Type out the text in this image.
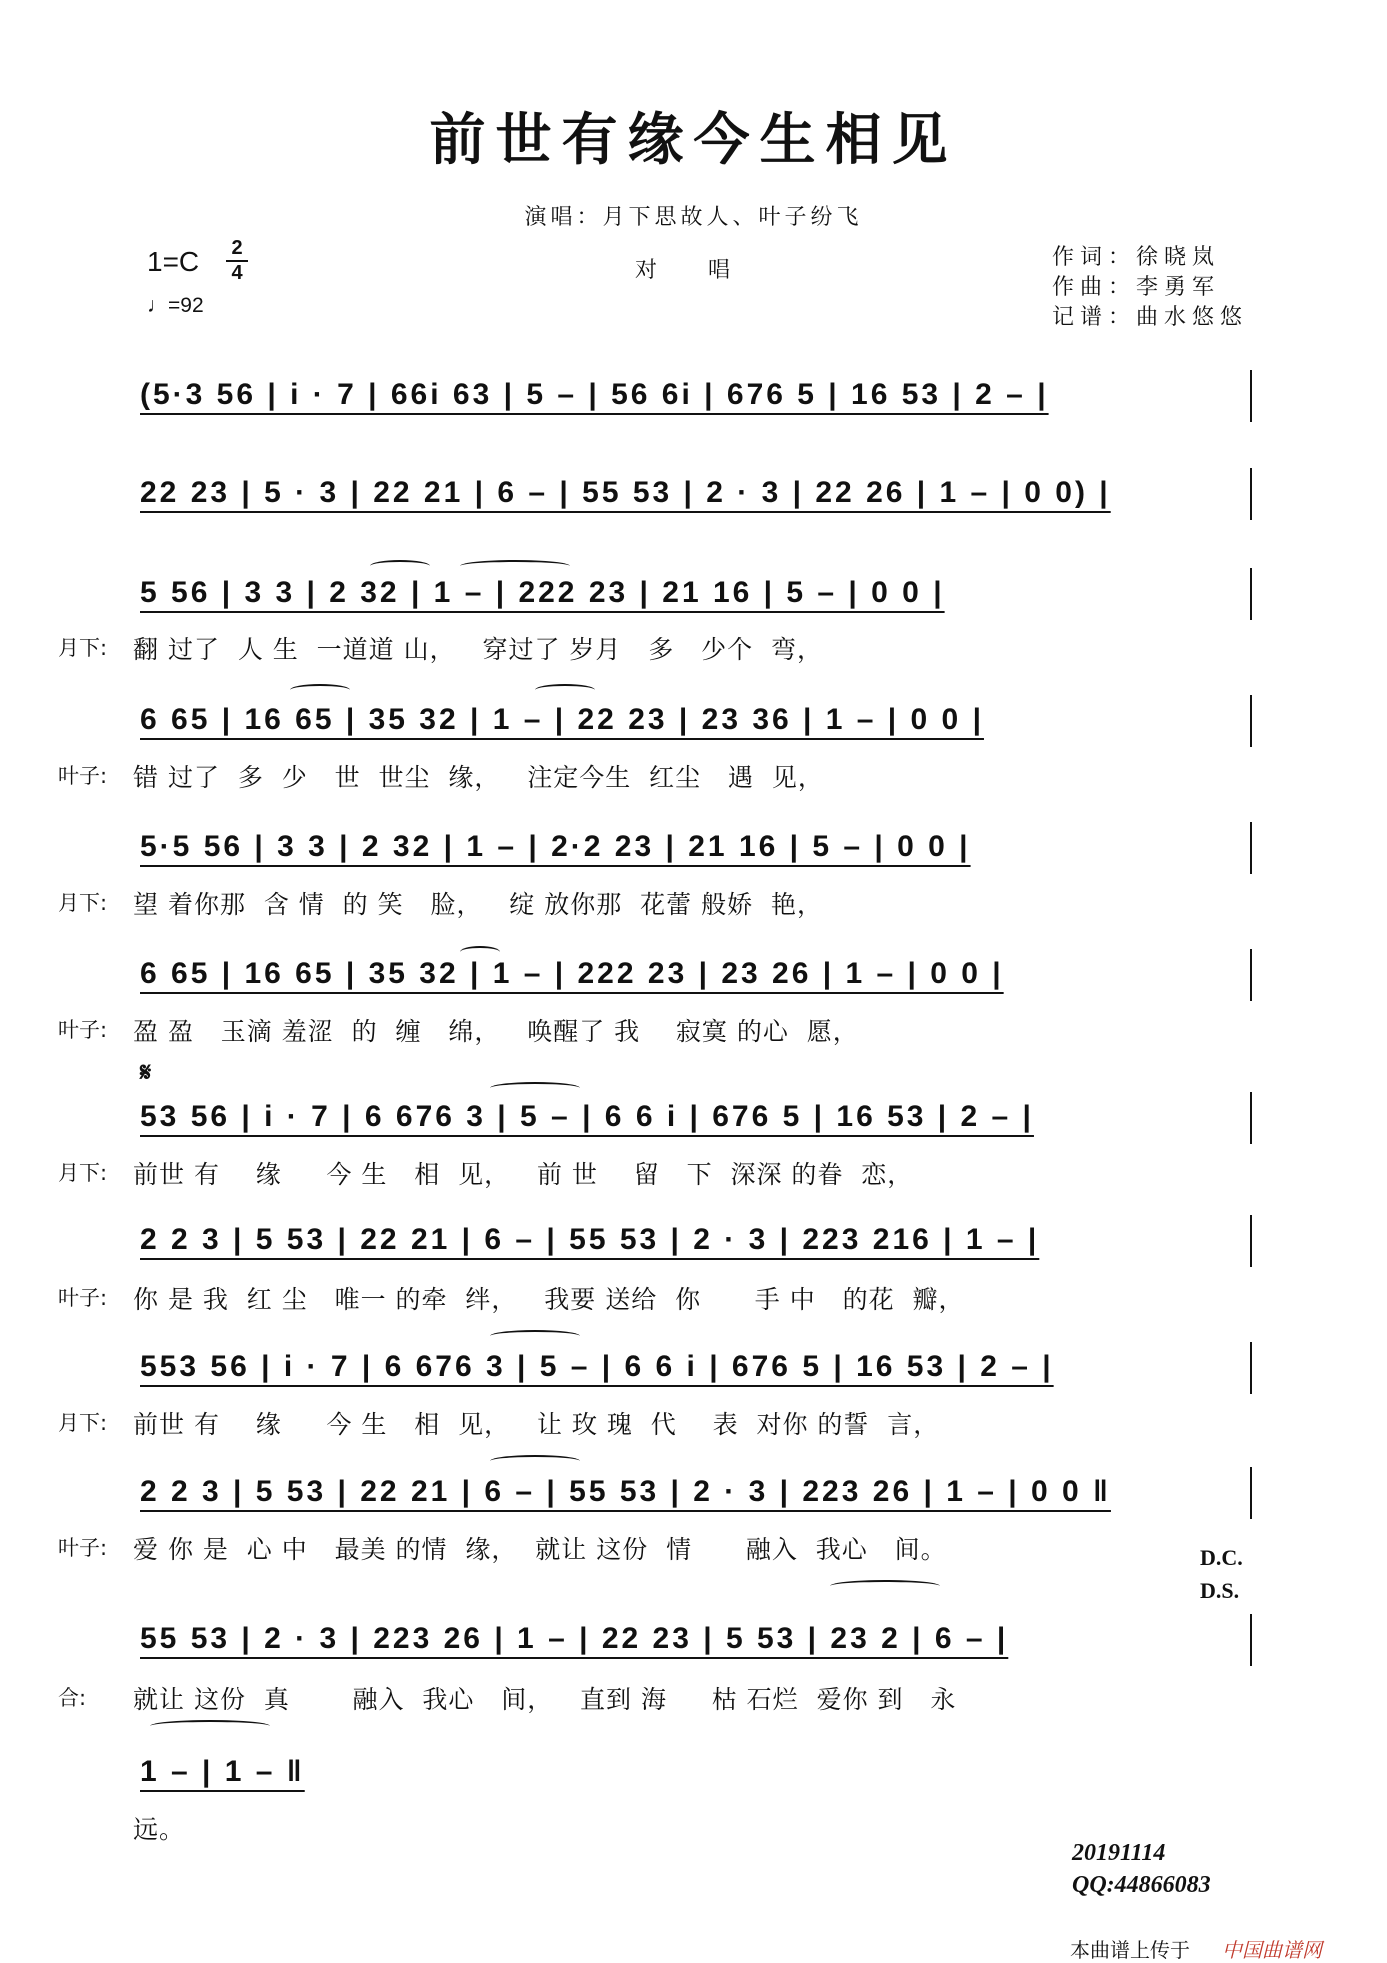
前世有缘今生相见
演唱：月下思故人、叶子纷飞
对 唱
1=C 2
4
♩=92
作词：徐晓岚
作曲：李勇军
记谱：曲水悠悠
(5·3 56 | i · 7 | 66i 63 | 5 – | 56 6i | 676 5 | 16 53 | 2 – |
22 23 | 5 · 3 | 22 21 | 6 – | 55 53 | 2 · 3 | 22 26 | 1 – | 0 0) |
5 56 | 3 3 | 2 32 | 1 – | 222 23 | 21 16 | 5 – | 0 0 |
月下: 翻 过了  人 生  一道道 山，   穿过了 岁月   多   少个  弯，
6 65 | 16 65 | 35 32 | 1 – | 22 23 | 23 36 | 1 – | 0 0 |
叶子: 错 过了  多  少   世  世尘  缘，   注定今生  红尘   遇  见，
5·5 56 | 3 3 | 2 32 | 1 – | 2·2 23 | 21 16 | 5 – | 0 0 |
月下: 望 着你那  含 情  的 笑   脸，   绽 放你那  花蕾 般娇  艳，
6 65 | 16 65 | 35 32 | 1 – | 222 23 | 23 26 | 1 – | 0 0 |
叶子: 盈 盈   玉滴 羞涩  的  缠   绵，   唤醒了 我    寂寞 的心  愿，
53 56 | i · 7 | 6 676 3 | 5 – | 6 6 i | 676 5 | 16 53 | 2 – |
月下: 前世 有    缘     今 生   相  见，   前 世    留   下  深深 的眷  恋，
2 2 3 | 5 53 | 22 21 | 6 – | 55 53 | 2 · 3 | 223 216 | 1 – |
叶子: 你 是 我  红 尘   唯一 的牵  绊，   我要 送给  你      手 中   的花  瓣，
553 56 | i · 7 | 6 676 3 | 5 – | 6 6 i | 676 5 | 16 53 | 2 – |
月下: 前世 有    缘     今 生   相  见，   让 玫 瑰  代    表  对你 的誓  言，
2 2 3 | 5 53 | 22 21 | 6 – | 55 53 | 2 · 3 | 223 26 | 1 – | 0 0 ‖
叶子: 爱 你 是  心 中   最美 的情  缘，  就让 这份  情      融入  我心   间。
55 53 | 2 · 3 | 223 26 | 1 – | 22 23 | 5 53 | 23 2 | 6 – |
合: 就让 这份  真       融入  我心   间，   直到 海     枯 石烂  爱你 到   永
1 – | 1 – ‖
远。
𝄋
D.C.
D.S.
20191114
QQ:44866083
本曲谱上传于 中国曲谱网
